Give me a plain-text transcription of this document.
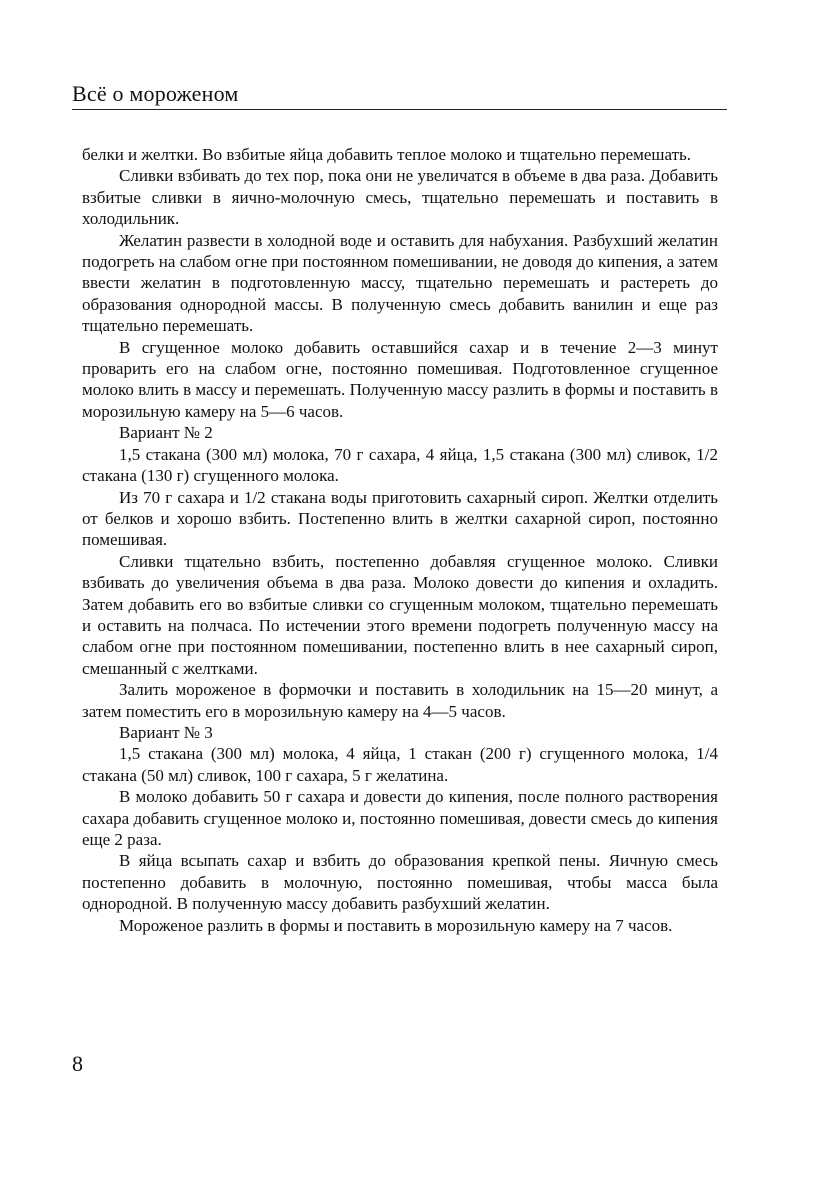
Всё о мороженом

белки и желтки. Во взбитые яйца добавить теплое молоко и тщательно перемешать.

Сливки взбивать до тех пор, пока они не увеличатся в объеме в два раза. Добавить взбитые сливки в яично-молочную смесь, тщательно перемешать и поставить в холодильник.

Желатин развести в холодной воде и оставить для набухания. Разбухший желатин подогреть на слабом огне при постоянном помешивании, не доводя до кипения, а затем ввести желатин в подготовленную массу, тщательно перемешать и растереть до образования однородной массы. В полученную смесь добавить ванилин и еще раз тщательно перемешать.

В сгущенное молоко добавить оставшийся сахар и в течение 2—3 минут проварить его на слабом огне, постоянно помешивая. Подготовленное сгущенное молоко влить в массу и перемешать. Полученную массу разлить в формы и поставить в морозильную камеру на 5—6 часов.

Вариант № 2

1,5 стакана (300 мл) молока, 70 г сахара, 4 яйца, 1,5 стакана (300 мл) сливок, 1/2 стакана (130 г) сгущенного молока.

Из 70 г сахара и 1/2 стакана воды приготовить сахарный сироп. Желтки отделить от белков и хорошо взбить. Постепенно влить в желтки сахарной сироп, постоянно помешивая.

Сливки тщательно взбить, постепенно добавляя сгущенное молоко. Сливки взбивать до увеличения объема в два раза. Молоко довести до кипения и охладить. Затем добавить его во взбитые сливки со сгущенным молоком, тщательно перемешать и оставить на полчаса. По истечении этого времени подогреть полученную массу на слабом огне при постоянном помешивании, постепенно влить в нее сахарный сироп, смешанный с желтками.

Залить мороженое в формочки и поставить в холодильник на 15—20 минут, а затем поместить его в морозильную камеру на 4—5 часов.

Вариант № 3

1,5 стакана (300 мл) молока, 4 яйца, 1 стакан (200 г) сгущенного молока, 1/4 стакана (50 мл) сливок, 100 г сахара, 5 г желатина.

В молоко добавить 50 г сахара и довести до кипения, после полного растворения сахара добавить сгущенное молоко и, постоянно помешивая, довести смесь до кипения еще 2 раза.

В яйца всыпать сахар и взбить до образования крепкой пены. Яичную смесь постепенно добавить в молочную, постоянно помешивая, чтобы масса была однородной. В полученную массу добавить разбухший желатин.

Мороженое разлить в формы и поставить в морозильную камеру на 7 часов.

8
